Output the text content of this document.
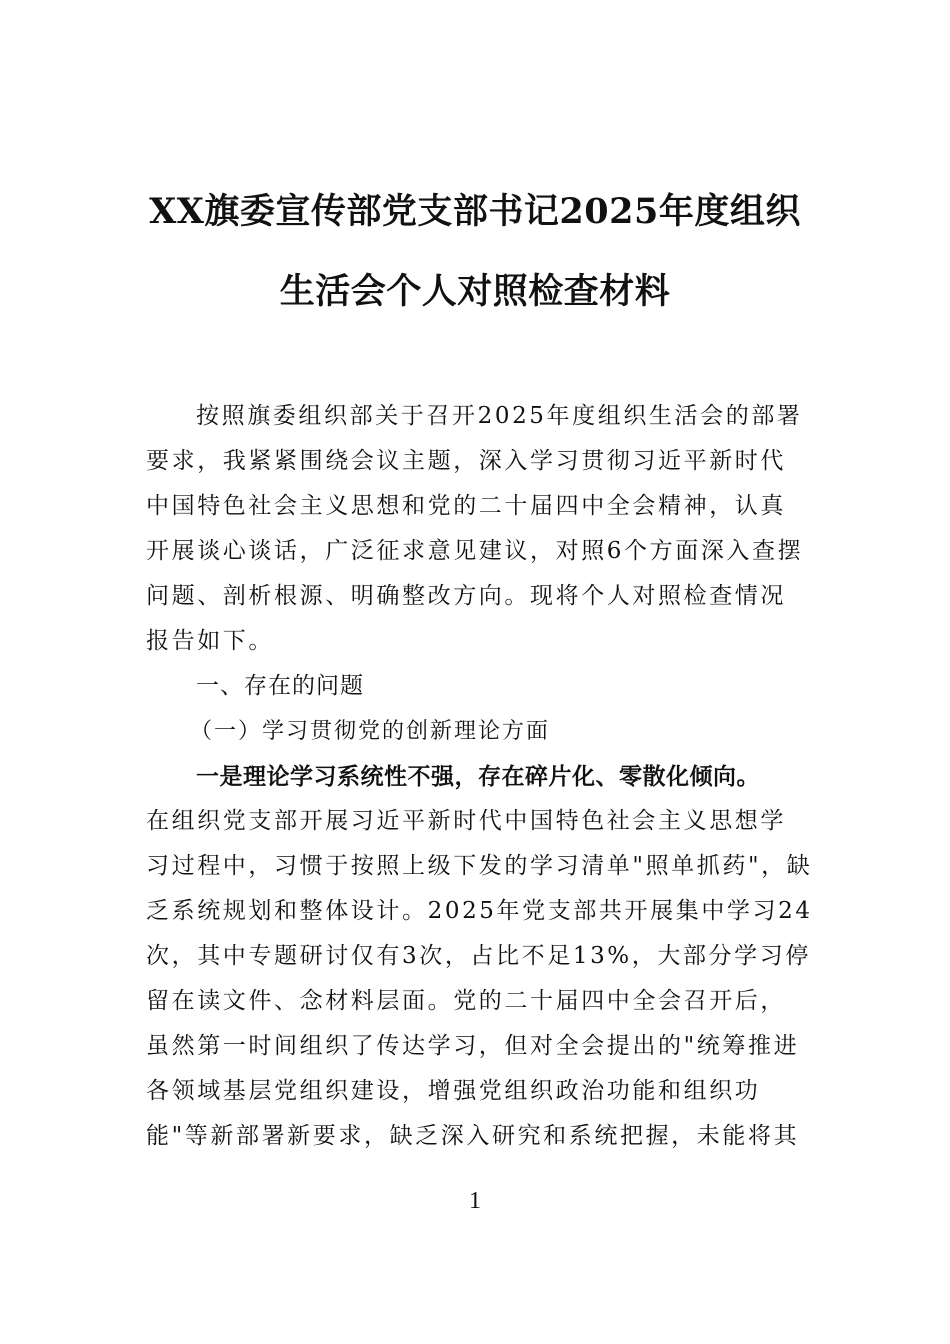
XX旗委宣传部党支部书记2025年度组织
生活会个人对照检查材料
按照旗委组织部关于召开2025年度组织生活会的部署
要求，我紧紧围绕会议主题，深入学习贯彻习近平新时代
中国特色社会主义思想和党的二十届四中全会精神，认真
开展谈心谈话，广泛征求意见建议，对照6个方面深入查摆
问题、剖析根源、明确整改方向。现将个人对照检查情况
报告如下。
一、存在的问题
（一）学习贯彻党的创新理论方面
一是理论学习系统性不强，存在碎片化、零散化倾向。
在组织党支部开展习近平新时代中国特色社会主义思想学
习过程中，习惯于按照上级下发的学习清单"照单抓药"，缺
乏系统规划和整体设计。2025年党支部共开展集中学习24
次，其中专题研讨仅有3次，占比不足13%，大部分学习停
留在读文件、念材料层面。党的二十届四中全会召开后，
虽然第一时间组织了传达学习，但对全会提出的"统筹推进
各领域基层党组织建设，增强党组织政治功能和组织功
能"等新部署新要求，缺乏深入研究和系统把握，未能将其
1
